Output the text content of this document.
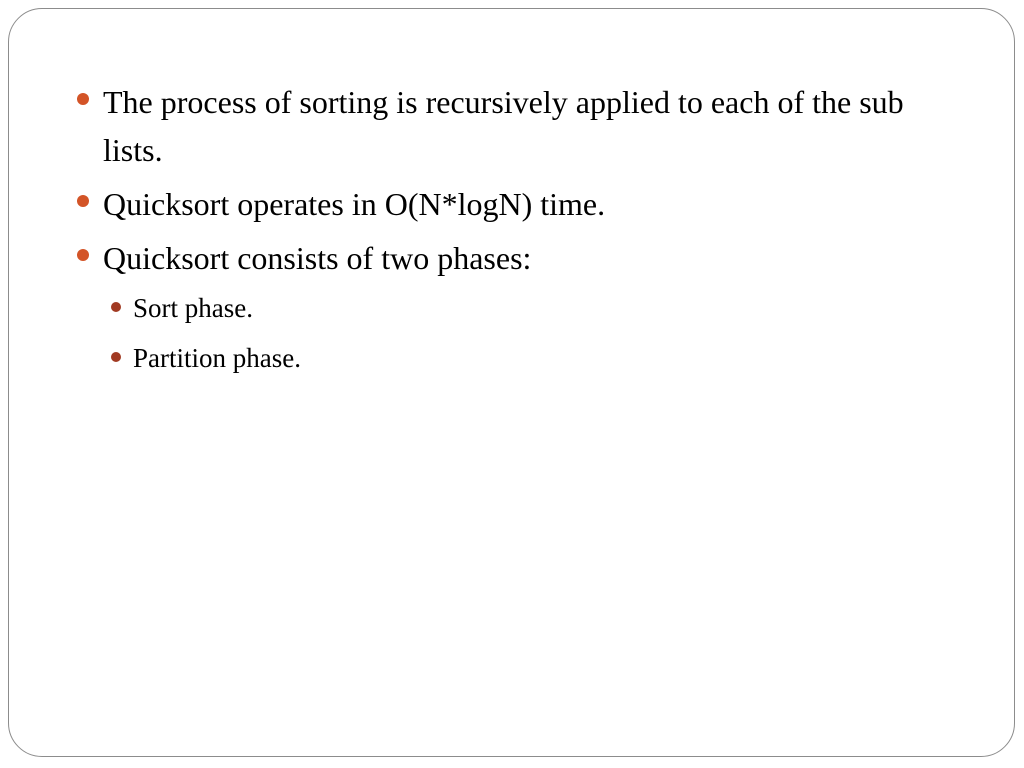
The process of sorting is recursively applied to each of the sub lists.
Quicksort operates in O(N*logN) time.
Quicksort consists of two phases:
Sort phase.
Partition phase.
